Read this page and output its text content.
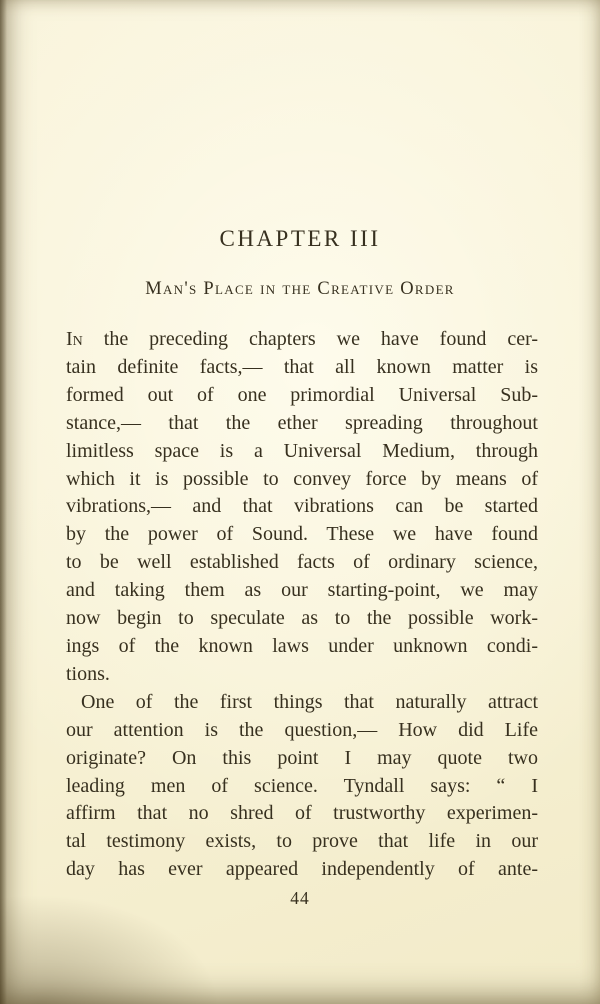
CHAPTER III
Man's Place in the Creative Order
In the preceding chapters we have found cer-
tain definite facts,— that all known matter is
formed out of one primordial Universal Sub-
stance,— that the ether spreading throughout
limitless space is a Universal Medium, through
which it is possible to convey force by means of
vibrations,— and that vibrations can be started
by the power of Sound. These we have found
to be well established facts of ordinary science,
and taking them as our starting-point, we may
now begin to speculate as to the possible work-
ings of the known laws under unknown condi-
tions.
One of the first things that naturally attract
our attention is the question,— How did Life
originate? On this point I may quote two
leading men of science. Tyndall says: “ I
affirm that no shred of trustworthy experimen-
tal testimony exists, to prove that life in our
day has ever appeared independently of ante-
44
